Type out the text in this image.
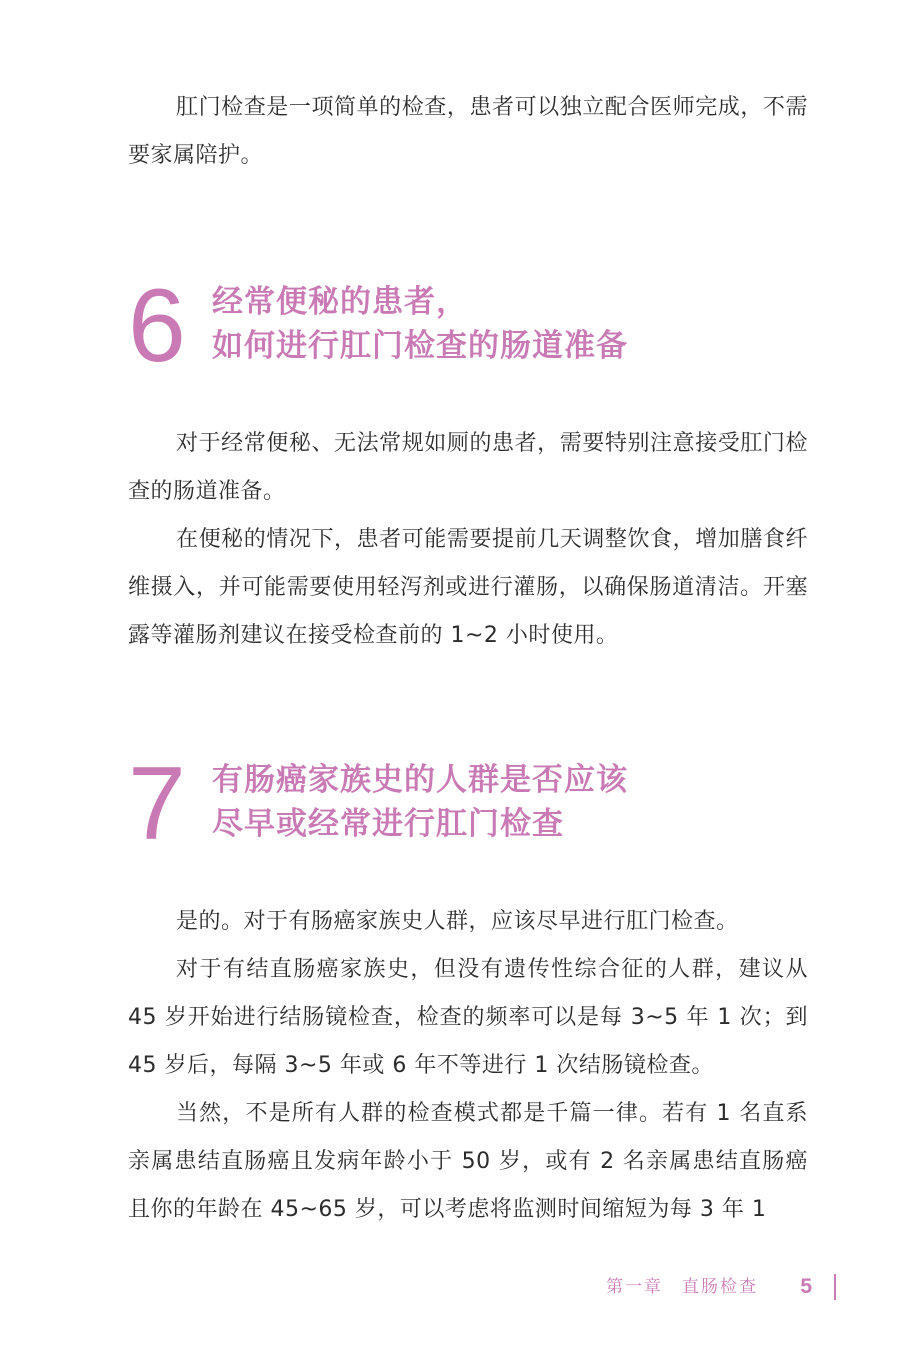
肛门检查是一项简单的检查，患者可以独立配合医师完成，不需要家属陪护。

6 经常便秘的患者，
如何进行肛门检查的肠道准备

对于经常便秘、无法常规如厕的患者，需要特别注意接受肛门检查的肠道准备。

在便秘的情况下，患者可能需要提前几天调整饮食，增加膳食纤维摄入，并可能需要使用轻泻剂或进行灌肠，以确保肠道清洁。开塞露等灌肠剂建议在接受检查前的 1~2 小时使用。

7 有肠癌家族史的人群是否应该
尽早或经常进行肛门检查

是的。对于有肠癌家族史人群，应该尽早进行肛门检查。

对于有结直肠癌家族史，但没有遗传性综合征的人群，建议从 45 岁开始进行结肠镜检查，检查的频率可以是每 3~5 年 1 次；到 45 岁后，每隔 3~5 年或 6 年不等进行 1 次结肠镜检查。

当然，不是所有人群的检查模式都是千篇一律。若有 1 名直系亲属患结直肠癌且发病年龄小于 50 岁，或有 2 名亲属患结直肠癌且你的年龄在 45~65 岁，可以考虑将监测时间缩短为每 3 年 1

第一章　直肠检查 5
